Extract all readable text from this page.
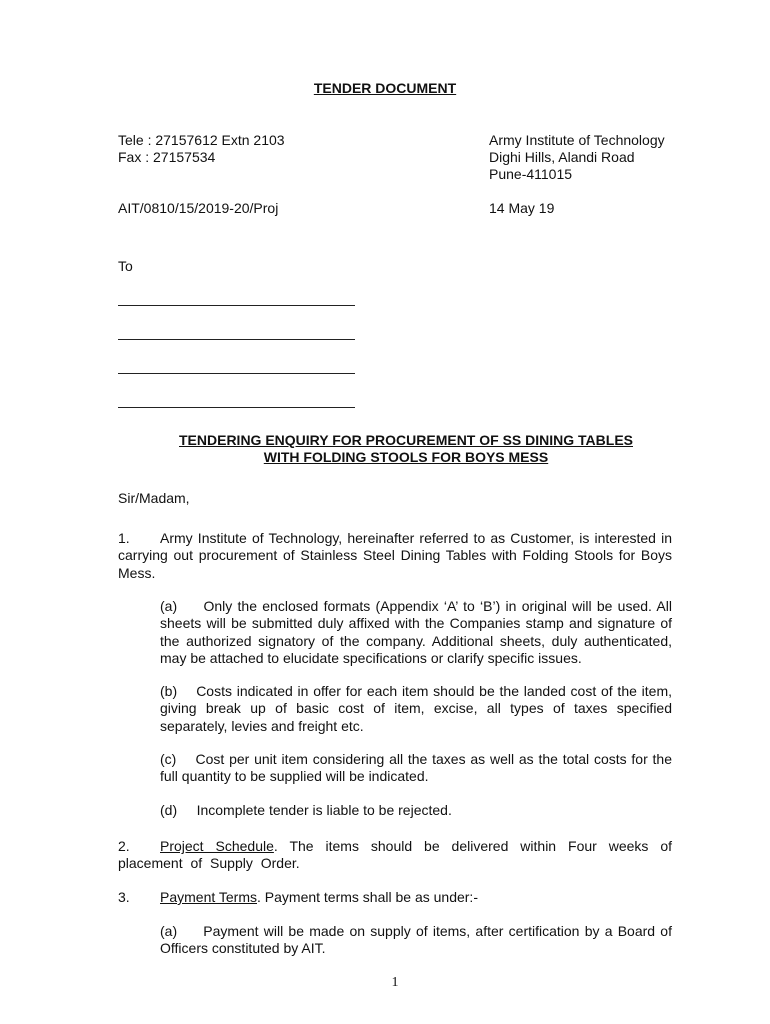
TENDER DOCUMENT
Tele : 27157612 Extn 2103
Fax : 27157534
AIT/0810/15/2019-20/Proj
Army Institute of Technology
Dighi Hills, Alandi Road
Pune-411015
14 May 19
To
TENDERING ENQUIRY FOR PROCUREMENT OF SS DINING TABLES
WITH FOLDING STOOLS FOR BOYS MESS
Sir/Madam,
1. Army Institute of Technology, hereinafter referred to as Customer, is interested in carrying out procurement of Stainless Steel Dining Tables with Folding Stools for Boys Mess.
(a) Only the enclosed formats (Appendix ‘A’ to ‘B’) in original will be used. All sheets will be submitted duly affixed with the Companies stamp and signature of the authorized signatory of the company. Additional sheets, duly authenticated, may be attached to elucidate specifications or clarify specific issues.
(b) Costs indicated in offer for each item should be the landed cost of the item, giving break up of basic cost of item, excise, all types of taxes specified separately, levies and freight etc.
(c) Cost per unit item considering all the taxes as well as the total costs for the full quantity to be supplied will be indicated.
(d) Incomplete tender is liable to be rejected.
2. Project Schedule. The items should be delivered within Four weeks of placement of Supply Order.
3. Payment Terms. Payment terms shall be as under:-
(a) Payment will be made on supply of items, after certification by a Board of Officers constituted by AIT.
1
